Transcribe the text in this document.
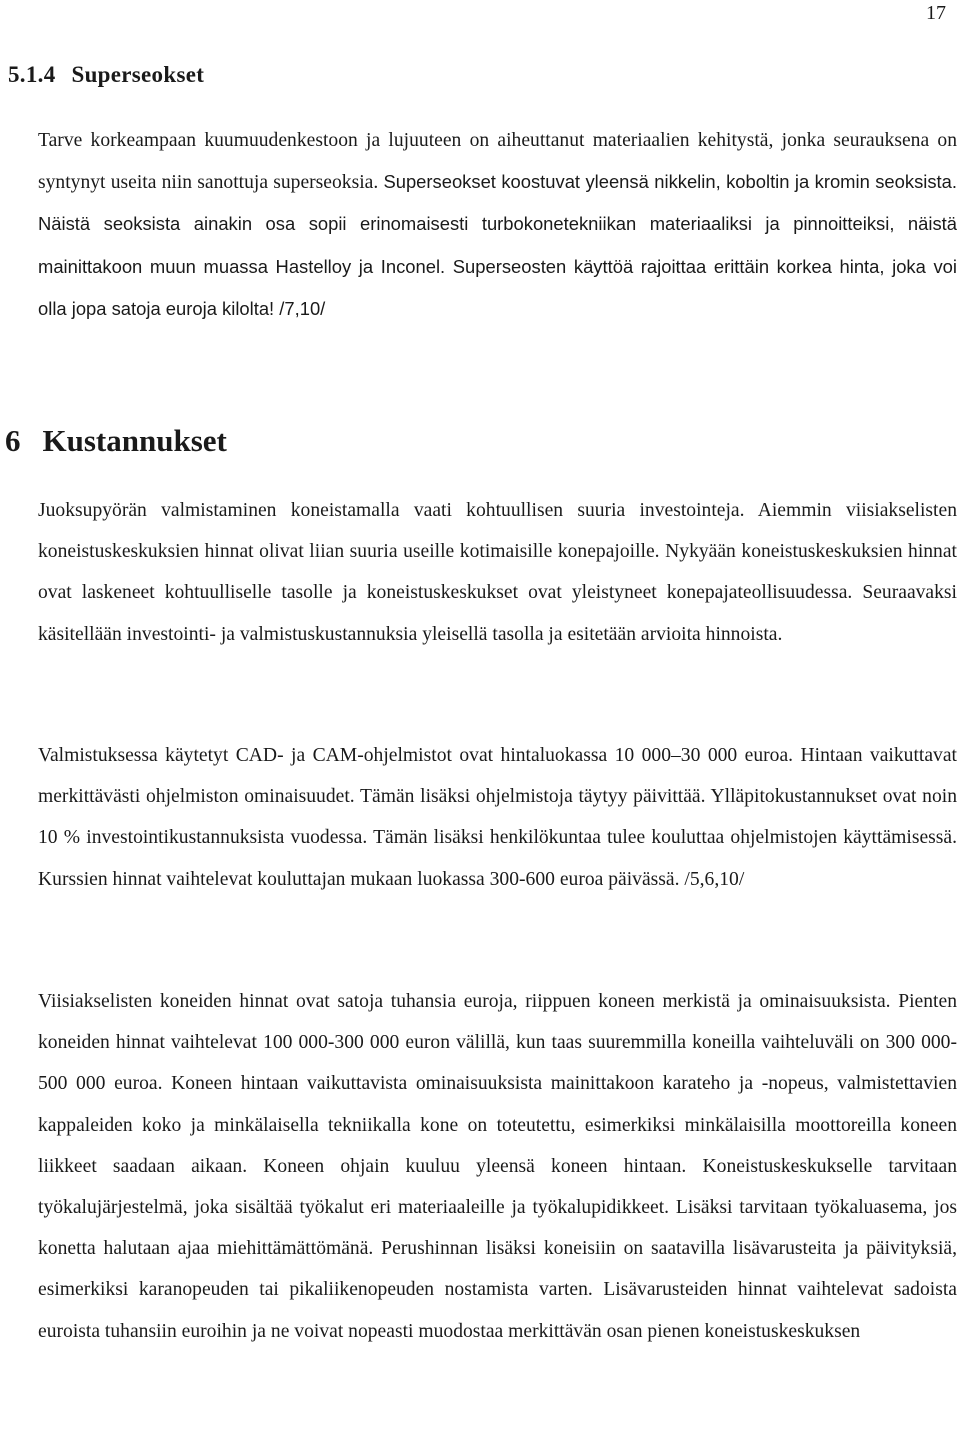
17
5.1.4 Superseokset

Tarve korkeampaan kuumuudenkestoon ja lujuuteen on aiheuttanut materiaalien kehitystä, jonka seurauksena on syntynyt useita niin sanottuja superseoksia. Superseokset koostuvat yleensä nikkelin, koboltin ja kromin seoksista. Näistä seoksista ainakin osa sopii erinomaisesti turbokonetekniikan materiaaliksi ja pinnoitteiksi, näistä mainittakoon muun muassa Hastelloy ja Inconel. Superseosten käyttöä rajoittaa erittäin korkea hinta, joka voi olla jopa satoja euroja kilolta! /7,10/

6 Kustannukset

Juoksupyörän valmistaminen koneistamalla vaati kohtuullisen suuria investointeja. Aiemmin viisiakselisten koneistuskeskuksien hinnat olivat liian suuria useille kotimaisille konepajoille. Nykyään koneistuskeskuksien hinnat ovat laskeneet kohtuulliselle tasolle ja koneistuskeskukset ovat yleistyneet konepajateollisuudessa. Seuraavaksi käsitellään investointi- ja valmistuskustannuksia yleisellä tasolla ja esitetään arvioita hinnoista.

Valmistuksessa käytetyt CAD- ja CAM-ohjelmistot ovat hintaluokassa 10 000–30 000 euroa. Hintaan vaikuttavat merkittävästi ohjelmiston ominaisuudet. Tämän lisäksi ohjelmistoja täytyy päivittää. Ylläpitokustannukset ovat noin 10 % investointikustannuksista vuodessa. Tämän lisäksi henkilökuntaa tulee kouluttaa ohjelmistojen käyttämisessä. Kurssien hinnat vaihtelevat kouluttajan mukaan luokassa 300-600 euroa päivässä. /5,6,10/

Viisiakselisten koneiden hinnat ovat satoja tuhansia euroja, riippuen koneen merkistä ja ominaisuuksista. Pienten koneiden hinnat vaihtelevat 100 000-300 000 euron välillä, kun taas suuremmilla koneilla vaihteluväli on 300 000-500 000 euroa. Koneen hintaan vaikuttavista ominaisuuksista mainittakoon karateho ja -nopeus, valmistettavien kappaleiden koko ja minkälaisella tekniikalla kone on toteutettu, esimerkiksi minkälaisilla moottoreilla koneen liikkeet saadaan aikaan. Koneen ohjain kuuluu yleensä koneen hintaan. Koneistuskeskukselle tarvitaan työkalujärjestelmä, joka sisältää työkalut eri materiaaleille ja työkalupidikkeet. Lisäksi tarvitaan työkaluasema, jos konetta halutaan ajaa miehittämättömänä. Perushinnan lisäksi koneisiin on saatavilla lisävarusteita ja päivityksiä, esimerkiksi karanopeuden tai pikaliikenopeuden nostamista varten. Lisävarusteiden hinnat vaihtelevat sadoista euroista tuhansiin euroihin ja ne voivat nopeasti muodostaa merkittävän osan pienen koneistuskeskuksen
